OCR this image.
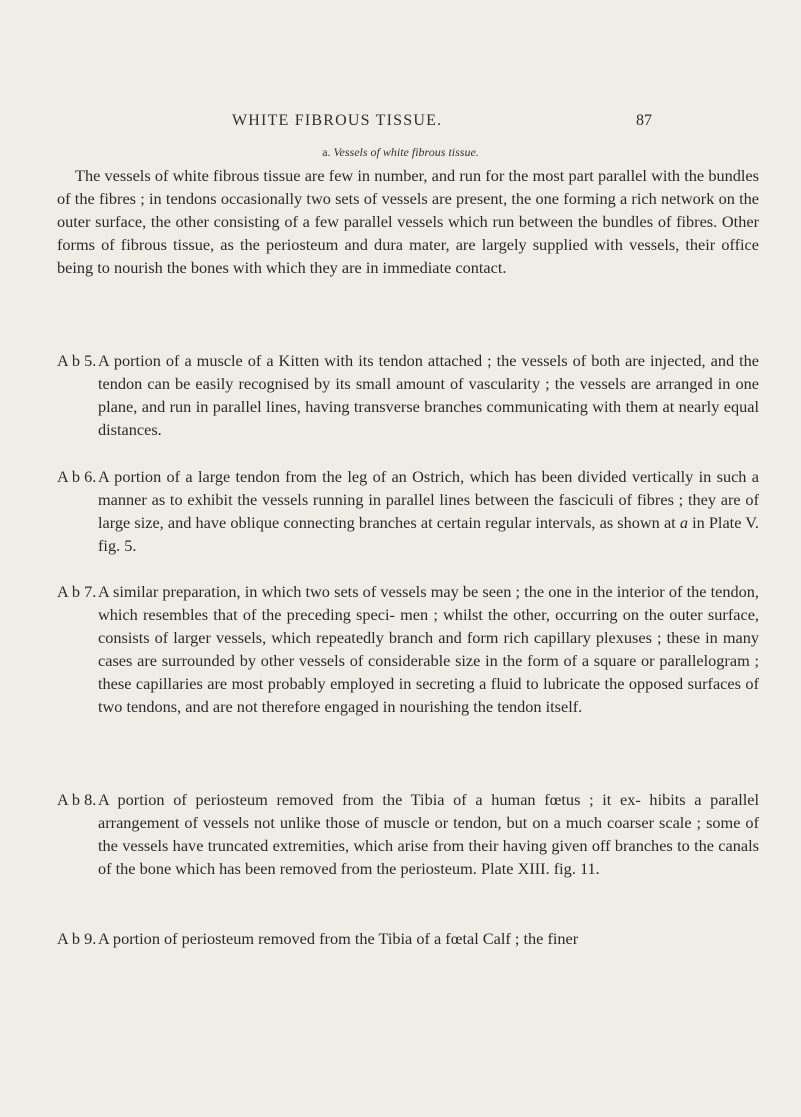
WHITE FIBROUS TISSUE.	87
a. Vessels of white fibrous tissue.

The vessels of white fibrous tissue are few in number, and run for the most part parallel with the bundles of the fibres ; in tendons occasionally two sets of vessels are present, the one forming a rich network on the outer surface, the other consisting of a few parallel vessels which run between the bundles of fibres. Other forms of fibrous tissue, as the periosteum and dura mater, are largely supplied with vessels, their office being to nourish the bones with which they are in immediate contact.

A b 5. A portion of a muscle of a Kitten with its tendon attached ; the vessels of both are injected, and the tendon can be easily recognised by its small amount of vascularity ; the vessels are arranged in one plane, and run in parallel lines, having transverse branches communicating with them at nearly equal distances.
A b 6. A portion of a large tendon from the leg of an Ostrich, which has been divided vertically in such a manner as to exhibit the vessels running in parallel lines between the fasciculi of fibres ; they are of large size, and have oblique connecting branches at certain regular intervals, as shown at a in Plate V. fig. 5.
A b 7. A similar preparation, in which two sets of vessels may be seen ; the one in the interior of the tendon, which resembles that of the preceding speci- men ; whilst the other, occurring on the outer surface, consists of larger vessels, which repeatedly branch and form rich capillary plexuses ; these in many cases are surrounded by other vessels of considerable size in the form of a square or parallelogram ; these capillaries are most probably employed in secreting a fluid to lubricate the opposed surfaces of two tendons, and are not therefore engaged in nourishing the tendon itself.
A b 8. A portion of periosteum removed from the Tibia of a human fœtus ; it ex- hibits a parallel arrangement of vessels not unlike those of muscle or tendon, but on a much coarser scale ; some of the vessels have truncated extremities, which arise from their having given off branches to the canals of the bone which has been removed from the periosteum. Plate XIII. fig. 11.
A b 9. A portion of periosteum removed from the Tibia of a fœtal Calf ; the finer
